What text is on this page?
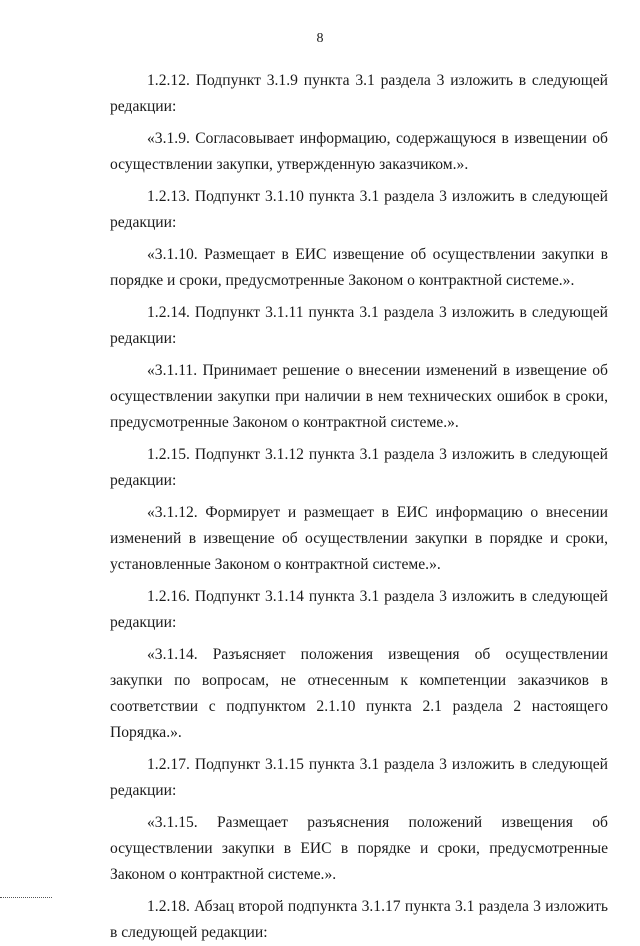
8

1.2.12. Подпункт 3.1.9 пункта 3.1 раздела 3 изложить в следующей редакции:

«3.1.9. Согласовывает информацию, содержащуюся в извещении об осуществлении закупки, утвержденную заказчиком.».

1.2.13. Подпункт 3.1.10 пункта 3.1 раздела 3 изложить в следующей редакции:

«3.1.10. Размещает в ЕИС извещение об осуществлении закупки в порядке и сроки, предусмотренные Законом о контрактной системе.».

1.2.14. Подпункт 3.1.11 пункта 3.1 раздела 3 изложить в следующей редакции:

«3.1.11. Принимает решение о внесении изменений в извещение об осуществлении закупки при наличии в нем технических ошибок в сроки, предусмотренные Законом о контрактной системе.».

1.2.15. Подпункт 3.1.12 пункта 3.1 раздела 3 изложить в следующей редакции:

«3.1.12. Формирует и размещает в ЕИС информацию о внесении изменений в извещение об осуществлении закупки в порядке и сроки, установленные Законом о контрактной системе.».

1.2.16. Подпункт 3.1.14 пункта 3.1 раздела 3 изложить в следующей редакции:

«3.1.14. Разъясняет положения извещения об осуществлении закупки по вопросам, не отнесенным к компетенции заказчиков в соответствии с подпунктом 2.1.10 пункта 2.1 раздела 2 настоящего Порядка.».

1.2.17. Подпункт 3.1.15 пункта 3.1 раздела 3 изложить в следующей редакции:

«3.1.15. Размещает разъяснения положений извещения об осуществлении закупки в ЕИС в порядке и сроки, предусмотренные Законом о контрактной системе.».

1.2.18. Абзац второй подпункта 3.1.17 пункта 3.1 раздела 3 изложить в следующей редакции:
